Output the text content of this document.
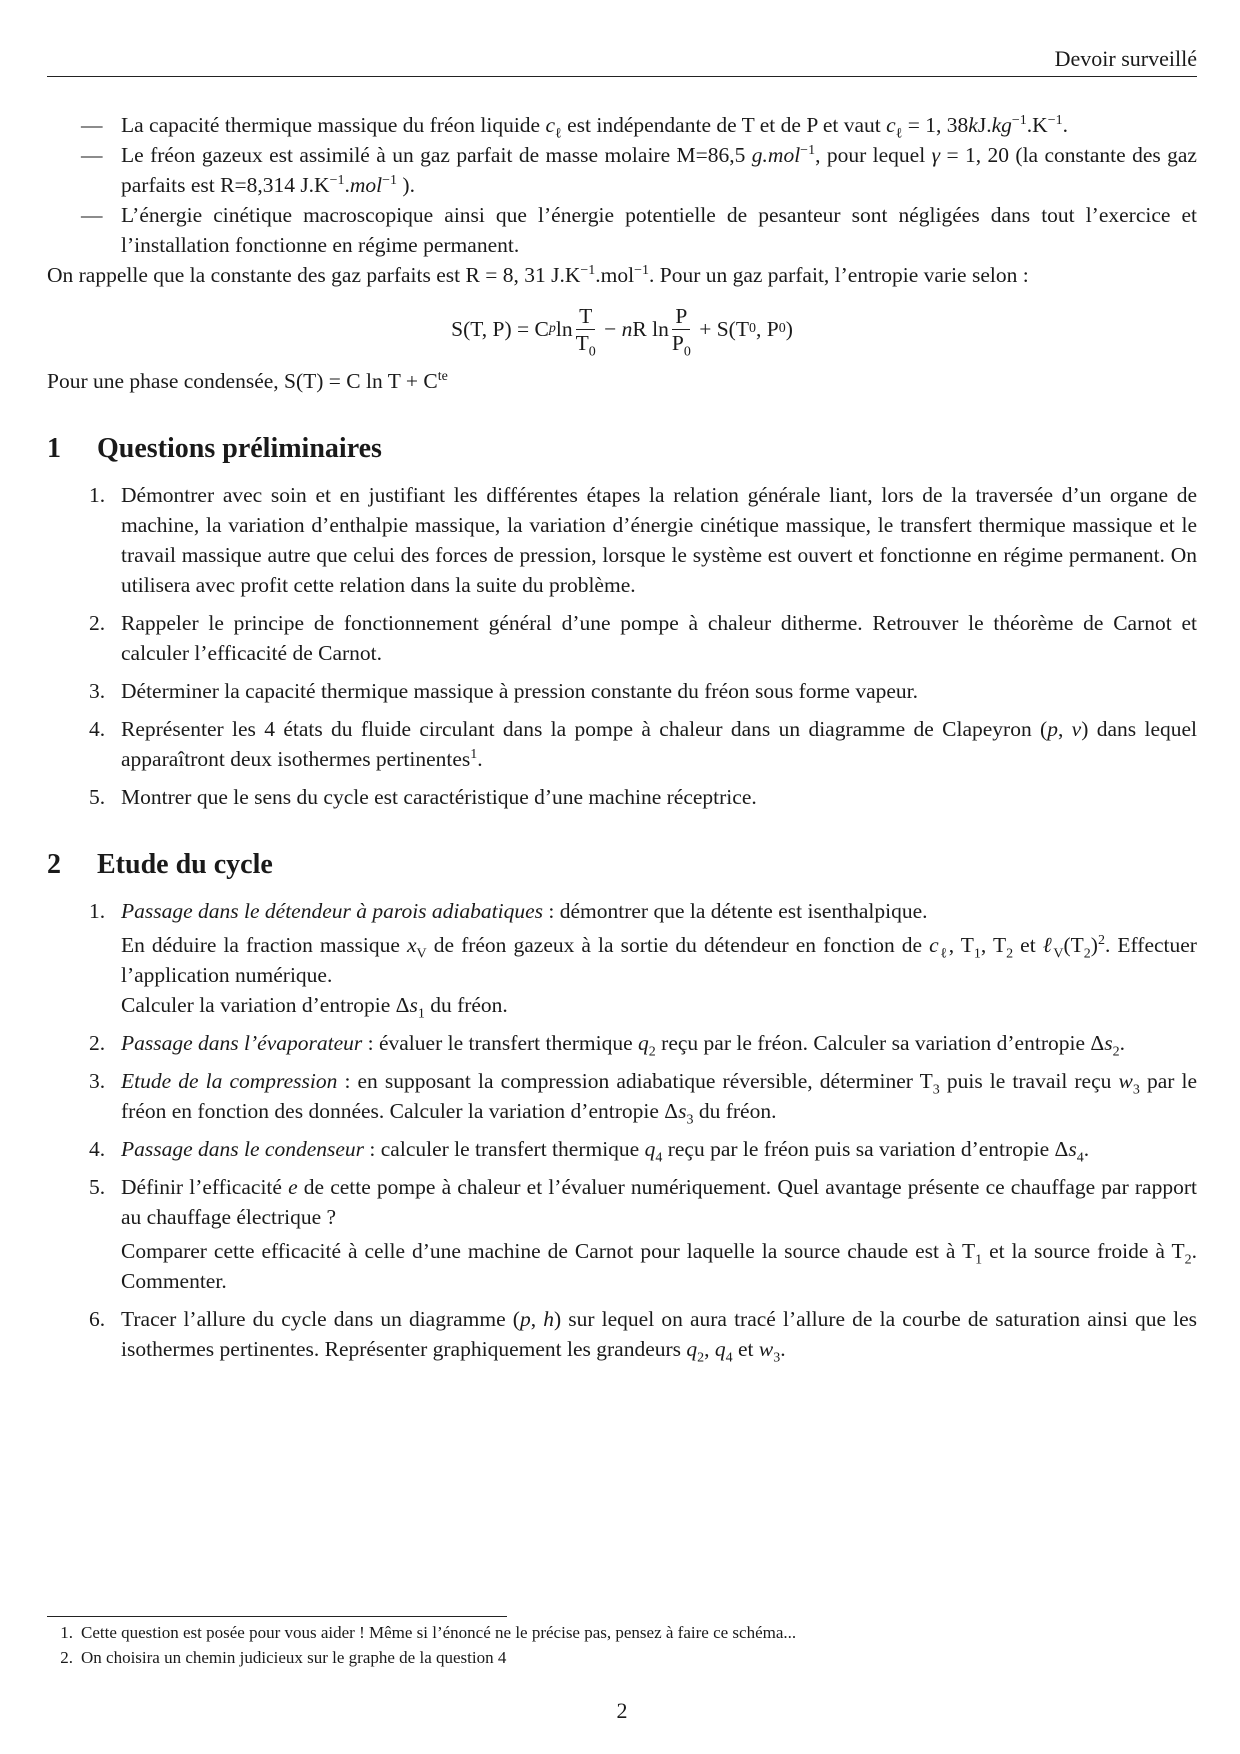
Devoir surveillé
— La capacité thermique massique du fréon liquide $c_\ell$ est indépendante de T et de P et vaut $c_\ell = 1$, $38kJ.kg^{-1}.K^{-1}$.
— Le fréon gazeux est assimilé à un gaz parfait de masse molaire M=86,5 g.mol$^{-1}$, pour lequel γ = 1, 20 (la constante des gaz parfaits est R=8,314 $J.K^{-1}.mol^{-1}$ ).
— L’énergie cinétique macroscopique ainsi que l’énergie potentielle de pesanteur sont négligées dans tout l’exercice et l’installation fonctionne en régime permanent.

On rappelle que la constante des gaz parfaits est R = 8, 31 $J.K^{-1}.mol^{-1}$. Pour un gaz parfait, l’entropie varie selon :

S(T, P) = C p $\ln \frac{T}{T_0} - n$ R $\ln \frac{P}{P_0} + S(T$ 0 , P 0 )

Pour une phase condensée, S(T) = C $\ln T + C^{te}$

1	Questions préliminaires
1. Démontrer avec soin et en justifiant les différentes étapes la relation générale liant, lors de la traversée d’un organe de machine, la variation d’enthalpie massique, la variation d’énergie cinétique massique, le transfert thermique massique et le travail massique autre que celui des forces de pression, lorsque le système est ouvert et fonctionne en régime permanent. On utilisera avec profit cette relation dans la suite du problème.
2. Rappeler le principe de fonctionnement général d’une pompe à chaleur ditherme. Retrouver le théorème de Carnot et calculer l’efficacité de Carnot.
3. Déterminer la capacité thermique massique à pression constante du fréon sous forme vapeur.
4. Représenter les 4 états du fluide circulant dans la pompe à chaleur dans un diagramme de Clapeyron (p, v) dans lequel apparaîtront deux isothermes pertinentes$^1$.
5. Montrer que le sens du cycle est caractéristique d’une machine réceptrice.
2	Etude du cycle
1. Passage dans le détendeur à parois adiabatiques : démontrer que la détente est isenthalpique.
En déduire la fraction massique $x_V$ de fréon gazeux à la sortie du détendeur en fonction de $c_\ell$, $T_1$, $T_2$ et $\ell_V(T_2)^2$. Effectuer l’application numérique.
Calculer la variation d’entropie $\Delta s_1$ du fréon.
2. Passage dans l’évaporateur : évaluer le transfert thermique $q_2$ reçu par le fréon. Calculer sa variation d’entropie $\Delta s_2$.
3. Etude de la compression : en supposant la compression adiabatique réversible, déterminer $T_3$ puis le travail reçu $w_3$ par le fréon en fonction des données. Calculer la variation d’entropie $\Delta s_3$ du fréon.
4. Passage dans le condenseur : calculer le transfert thermique $q_4$ reçu par le fréon puis sa variation d’entropie $\Delta s_4$.
5. Définir l’efficacité e de cette pompe à chaleur et l’évaluer numériquement. Quel avantage présente ce chauffage par rapport au chauffage électrique ?
Comparer cette efficacité à celle d’une machine de Carnot pour laquelle la source chaude est à $T_1$ et la source froide à $T_2$. Commenter.
6. Tracer l’allure du cycle dans un diagramme (p, h) sur lequel on aura tracé l’allure de la courbe de saturation ainsi que les isothermes pertinentes. Représenter graphiquement les grandeurs $q_2$, $q_4$ et $w_3$.
1. Cette question est posée pour vous aider ! Même si l’énoncé ne le précise pas, pensez à faire ce schéma...
2. On choisira un chemin judicieux sur le graphe de la question 4
2
